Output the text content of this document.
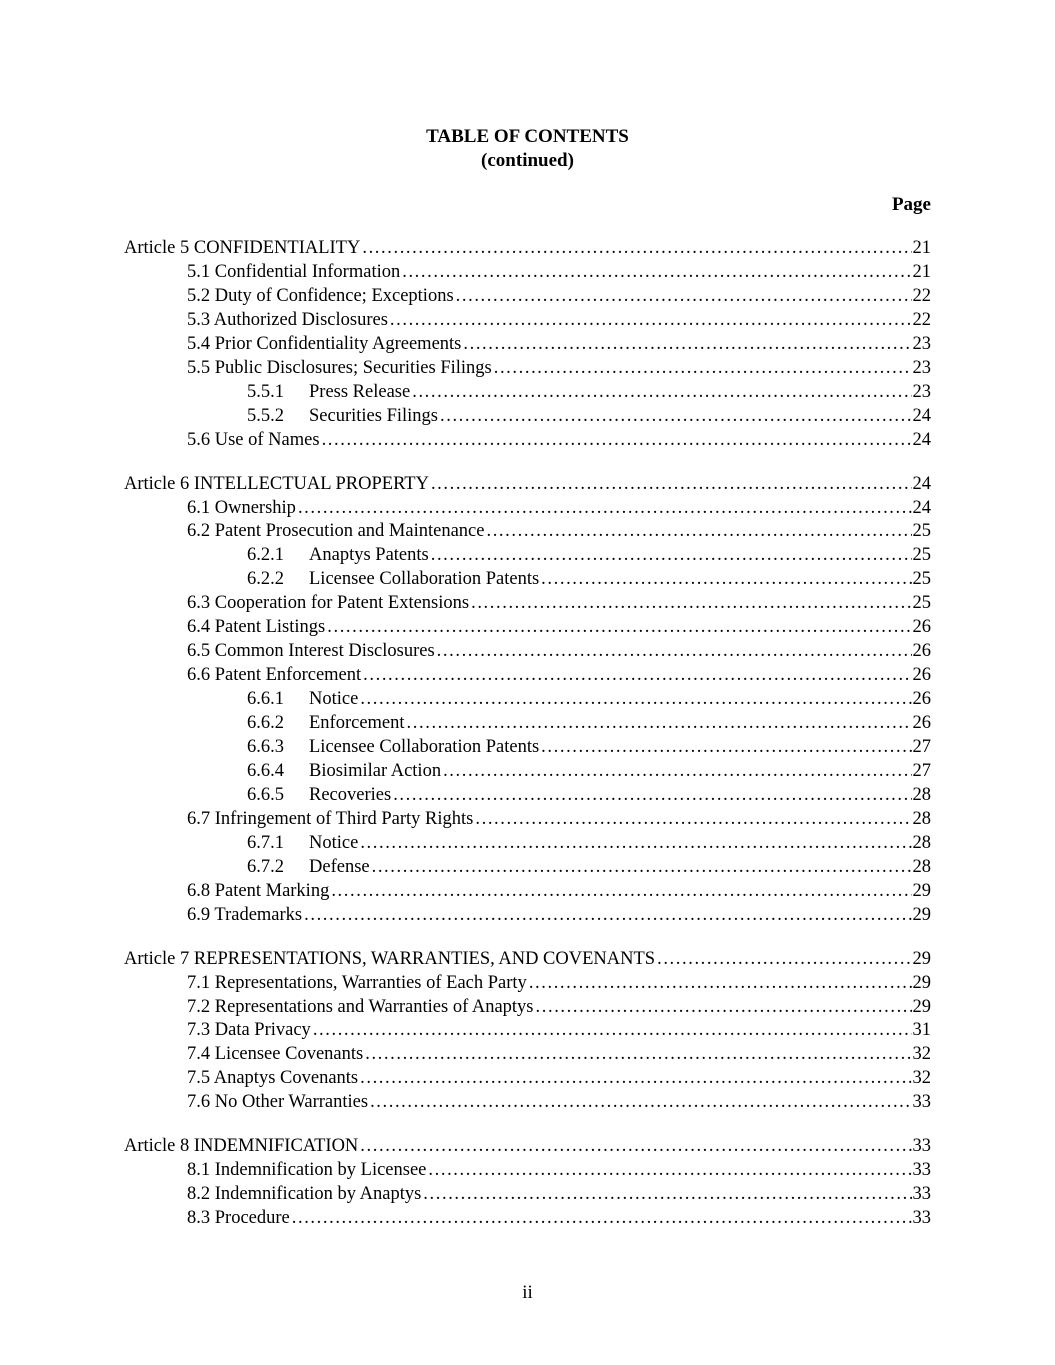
TABLE OF CONTENTS
(continued)
Page
Article 5 CONFIDENTIALITY .....	21
5.1 Confidential Information .....	21
5.2 Duty of Confidence; Exceptions .....	22
5.3 Authorized Disclosures .....	22
5.4 Prior Confidentiality Agreements .....	23
5.5 Public Disclosures; Securities Filings .....	23
5.5.1 Press Release .....	23
5.5.2 Securities Filings .....	24
5.6 Use of Names .....	24
Article 6 INTELLECTUAL PROPERTY .....	24
6.1 Ownership .....	24
6.2 Patent Prosecution and Maintenance .....	25
6.2.1 Anaptys Patents .....	25
6.2.2 Licensee Collaboration Patents .....	25
6.3 Cooperation for Patent Extensions .....	25
6.4 Patent Listings .....	26
6.5 Common Interest Disclosures .....	26
6.6 Patent Enforcement .....	26
6.6.1 Notice .....	26
6.6.2 Enforcement .....	26
6.6.3 Licensee Collaboration Patents .....	27
6.6.4 Biosimilar Action .....	27
6.6.5 Recoveries .....	28
6.7 Infringement of Third Party Rights .....	28
6.7.1 Notice .....	28
6.7.2 Defense .....	28
6.8 Patent Marking .....	29
6.9 Trademarks .....	29
Article 7 REPRESENTATIONS, WARRANTIES, AND COVENANTS .....	29
7.1 Representations, Warranties of Each Party .....	29
7.2 Representations and Warranties of Anaptys .....	29
7.3 Data Privacy .....	31
7.4 Licensee Covenants .....	32
7.5 Anaptys Covenants .....	32
7.6 No Other Warranties .....	33
Article 8 INDEMNIFICATION .....	33
8.1 Indemnification by Licensee .....	33
8.2 Indemnification by Anaptys .....	33
8.3 Procedure .....	33
ii
